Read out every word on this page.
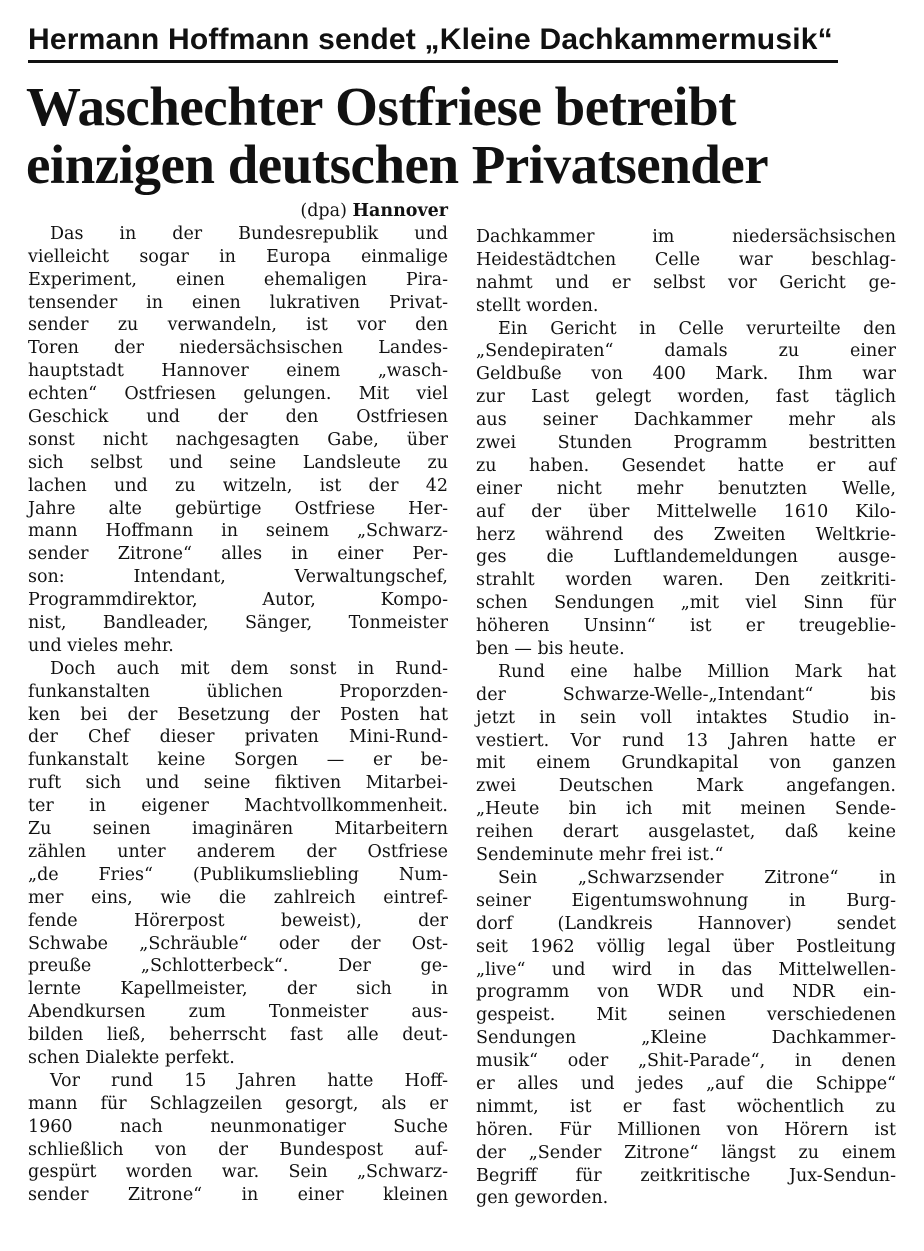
Hermann Hoffmann sendet „Kleine Dachkammermusik“
Waschechter Ostfriese betreibt
einzigen deutschen Privatsender
(dpa) Hannover
Das in der Bundesrepublik und
vielleicht sogar in Europa einmalige
Experiment, einen ehemaligen Pira-
tensender in einen lukrativen Privat-
sender zu verwandeln, ist vor den
Toren der niedersächsischen Landes-
hauptstadt Hannover einem „wasch-
echten“ Ostfriesen gelungen. Mit viel
Geschick und der den Ostfriesen
sonst nicht nachgesagten Gabe, über
sich selbst und seine Landsleute zu
lachen und zu witzeln, ist der 42
Jahre alte gebürtige Ostfriese Her-
mann Hoffmann in seinem „Schwarz-
sender Zitrone“ alles in einer Per-
son: Intendant, Verwaltungschef,
Programmdirektor, Autor, Kompo-
nist, Bandleader, Sänger, Tonmeister
und vieles mehr.
Doch auch mit dem sonst in Rund-
funkanstalten üblichen Proporzden-
ken bei der Besetzung der Posten hat
der Chef dieser privaten Mini-Rund-
funkanstalt keine Sorgen — er be-
ruft sich und seine fiktiven Mitarbei-
ter in eigener Machtvollkommenheit.
Zu seinen imaginären Mitarbeitern
zählen unter anderem der Ostfriese
„de Fries“ (Publikumsliebling Num-
mer eins, wie die zahlreich eintref-
fende Hörerpost beweist), der
Schwabe „Schräuble“ oder der Ost-
preuße „Schlotterbeck“. Der ge-
lernte Kapellmeister, der sich in
Abendkursen zum Tonmeister aus-
bilden ließ, beherrscht fast alle deut-
schen Dialekte perfekt.
Vor rund 15 Jahren hatte Hoff-
mann für Schlagzeilen gesorgt, als er
1960 nach neunmonatiger Suche
schließlich von der Bundespost auf-
gespürt worden war. Sein „Schwarz-
sender Zitrone“ in einer kleinen
Dachkammer im niedersächsischen
Heidestädtchen Celle war beschlag-
nahmt und er selbst vor Gericht ge-
stellt worden.
Ein Gericht in Celle verurteilte den
„Sendepiraten“ damals zu einer
Geldbuße von 400 Mark. Ihm war
zur Last gelegt worden, fast täglich
aus seiner Dachkammer mehr als
zwei Stunden Programm bestritten
zu haben. Gesendet hatte er auf
einer nicht mehr benutzten Welle,
auf der über Mittelwelle 1610 Kilo-
herz während des Zweiten Weltkrie-
ges die Luftlandemeldungen ausge-
strahlt worden waren. Den zeitkriti-
schen Sendungen „mit viel Sinn für
höheren Unsinn“ ist er treugeblie-
ben — bis heute.
Rund eine halbe Million Mark hat
der Schwarze-Welle-„Intendant“ bis
jetzt in sein voll intaktes Studio in-
vestiert. Vor rund 13 Jahren hatte er
mit einem Grundkapital von ganzen
zwei Deutschen Mark angefangen.
„Heute bin ich mit meinen Sende-
reihen derart ausgelastet, daß keine
Sendeminute mehr frei ist.“
Sein „Schwarzsender Zitrone“ in
seiner Eigentumswohnung in Burg-
dorf (Landkreis Hannover) sendet
seit 1962 völlig legal über Postleitung
„live“ und wird in das Mittelwellen-
programm von WDR und NDR ein-
gespeist. Mit seinen verschiedenen
Sendungen „Kleine Dachkammer-
musik“ oder „Shit-Parade“, in denen
er alles und jedes „auf die Schippe“
nimmt, ist er fast wöchentlich zu
hören. Für Millionen von Hörern ist
der „Sender Zitrone“ längst zu einem
Begriff für zeitkritische Jux-Sendun-
gen geworden.
